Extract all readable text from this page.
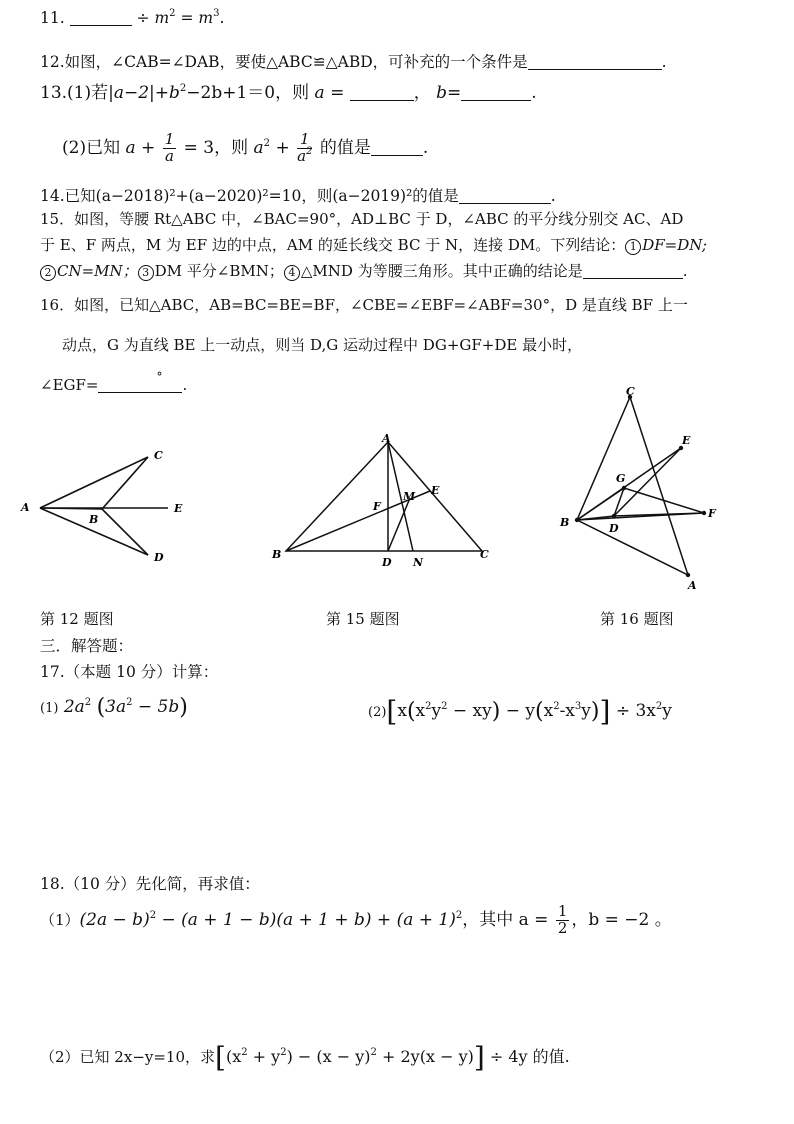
11.	÷ $m^2 = m^3$.
12.如图，∠CAB=∠DAB，要使△ABC≌△ABD，可补充的一个条件是	.
13.(1)若$|a-2|+b^2-2b+1=0$，则 a =	， b=	.
(2)已知 $a + \frac{1}{a} = 3$，则 $a^2 + \frac{1}{a^2}$ 的值是	.
14.已知(a−2018)²+(a−2020)²=10，则(a−2019)²的值是	.
15．如图，等腰 Rt△ABC 中，∠BAC=90°，AD⊥BC 于 D，∠ABC 的平分线分别交 AC、AD
于 E、F 两点，M 为 EF 边的中点，AM 的延长线交 BC 于 N，连接 DM。下列结论： 1 DF=DN;
2 CN=MN； 3 DM 平分∠BMN； 4 △MND 为等腰三角形。其中正确的结论是	.
16．如图，已知△ABC，AB=BC=BE=BF，∠CBE=∠EBF=∠ABF=30°，D 是直线 BF 上一
动点，G 为直线 BE 上一动点，则当 D,G 运动过程中 DG+GF+DE 最小时，
∠EGF=	° .
A
B
C
D
E
A
B	C
D
E
F
M
N
C
B
A
E
F
D
G
第 12 题图	第 15 题图	第 16 题图
三．解答题：
17.（本题 10 分）计算：
(1) $2a^2$ $(3a^2 - 5b)$	$(2)[x(x^2y^2 - xy) - y(x^2-x^3y)] \div 3x^2y$
18.（10 分）先化简，再求值：
$(1)(2a - b)^2 - (a + 1 - b)(a + 1 + b) + (a + 1)^2$，其中 $a = \frac{1}{2}$ ，b = −2 。
（2）已知 2x−y=10，求$[(x^2 + y^2) - (x - y)^2 + 2y(x - y)] \div 4y$ 的值.
